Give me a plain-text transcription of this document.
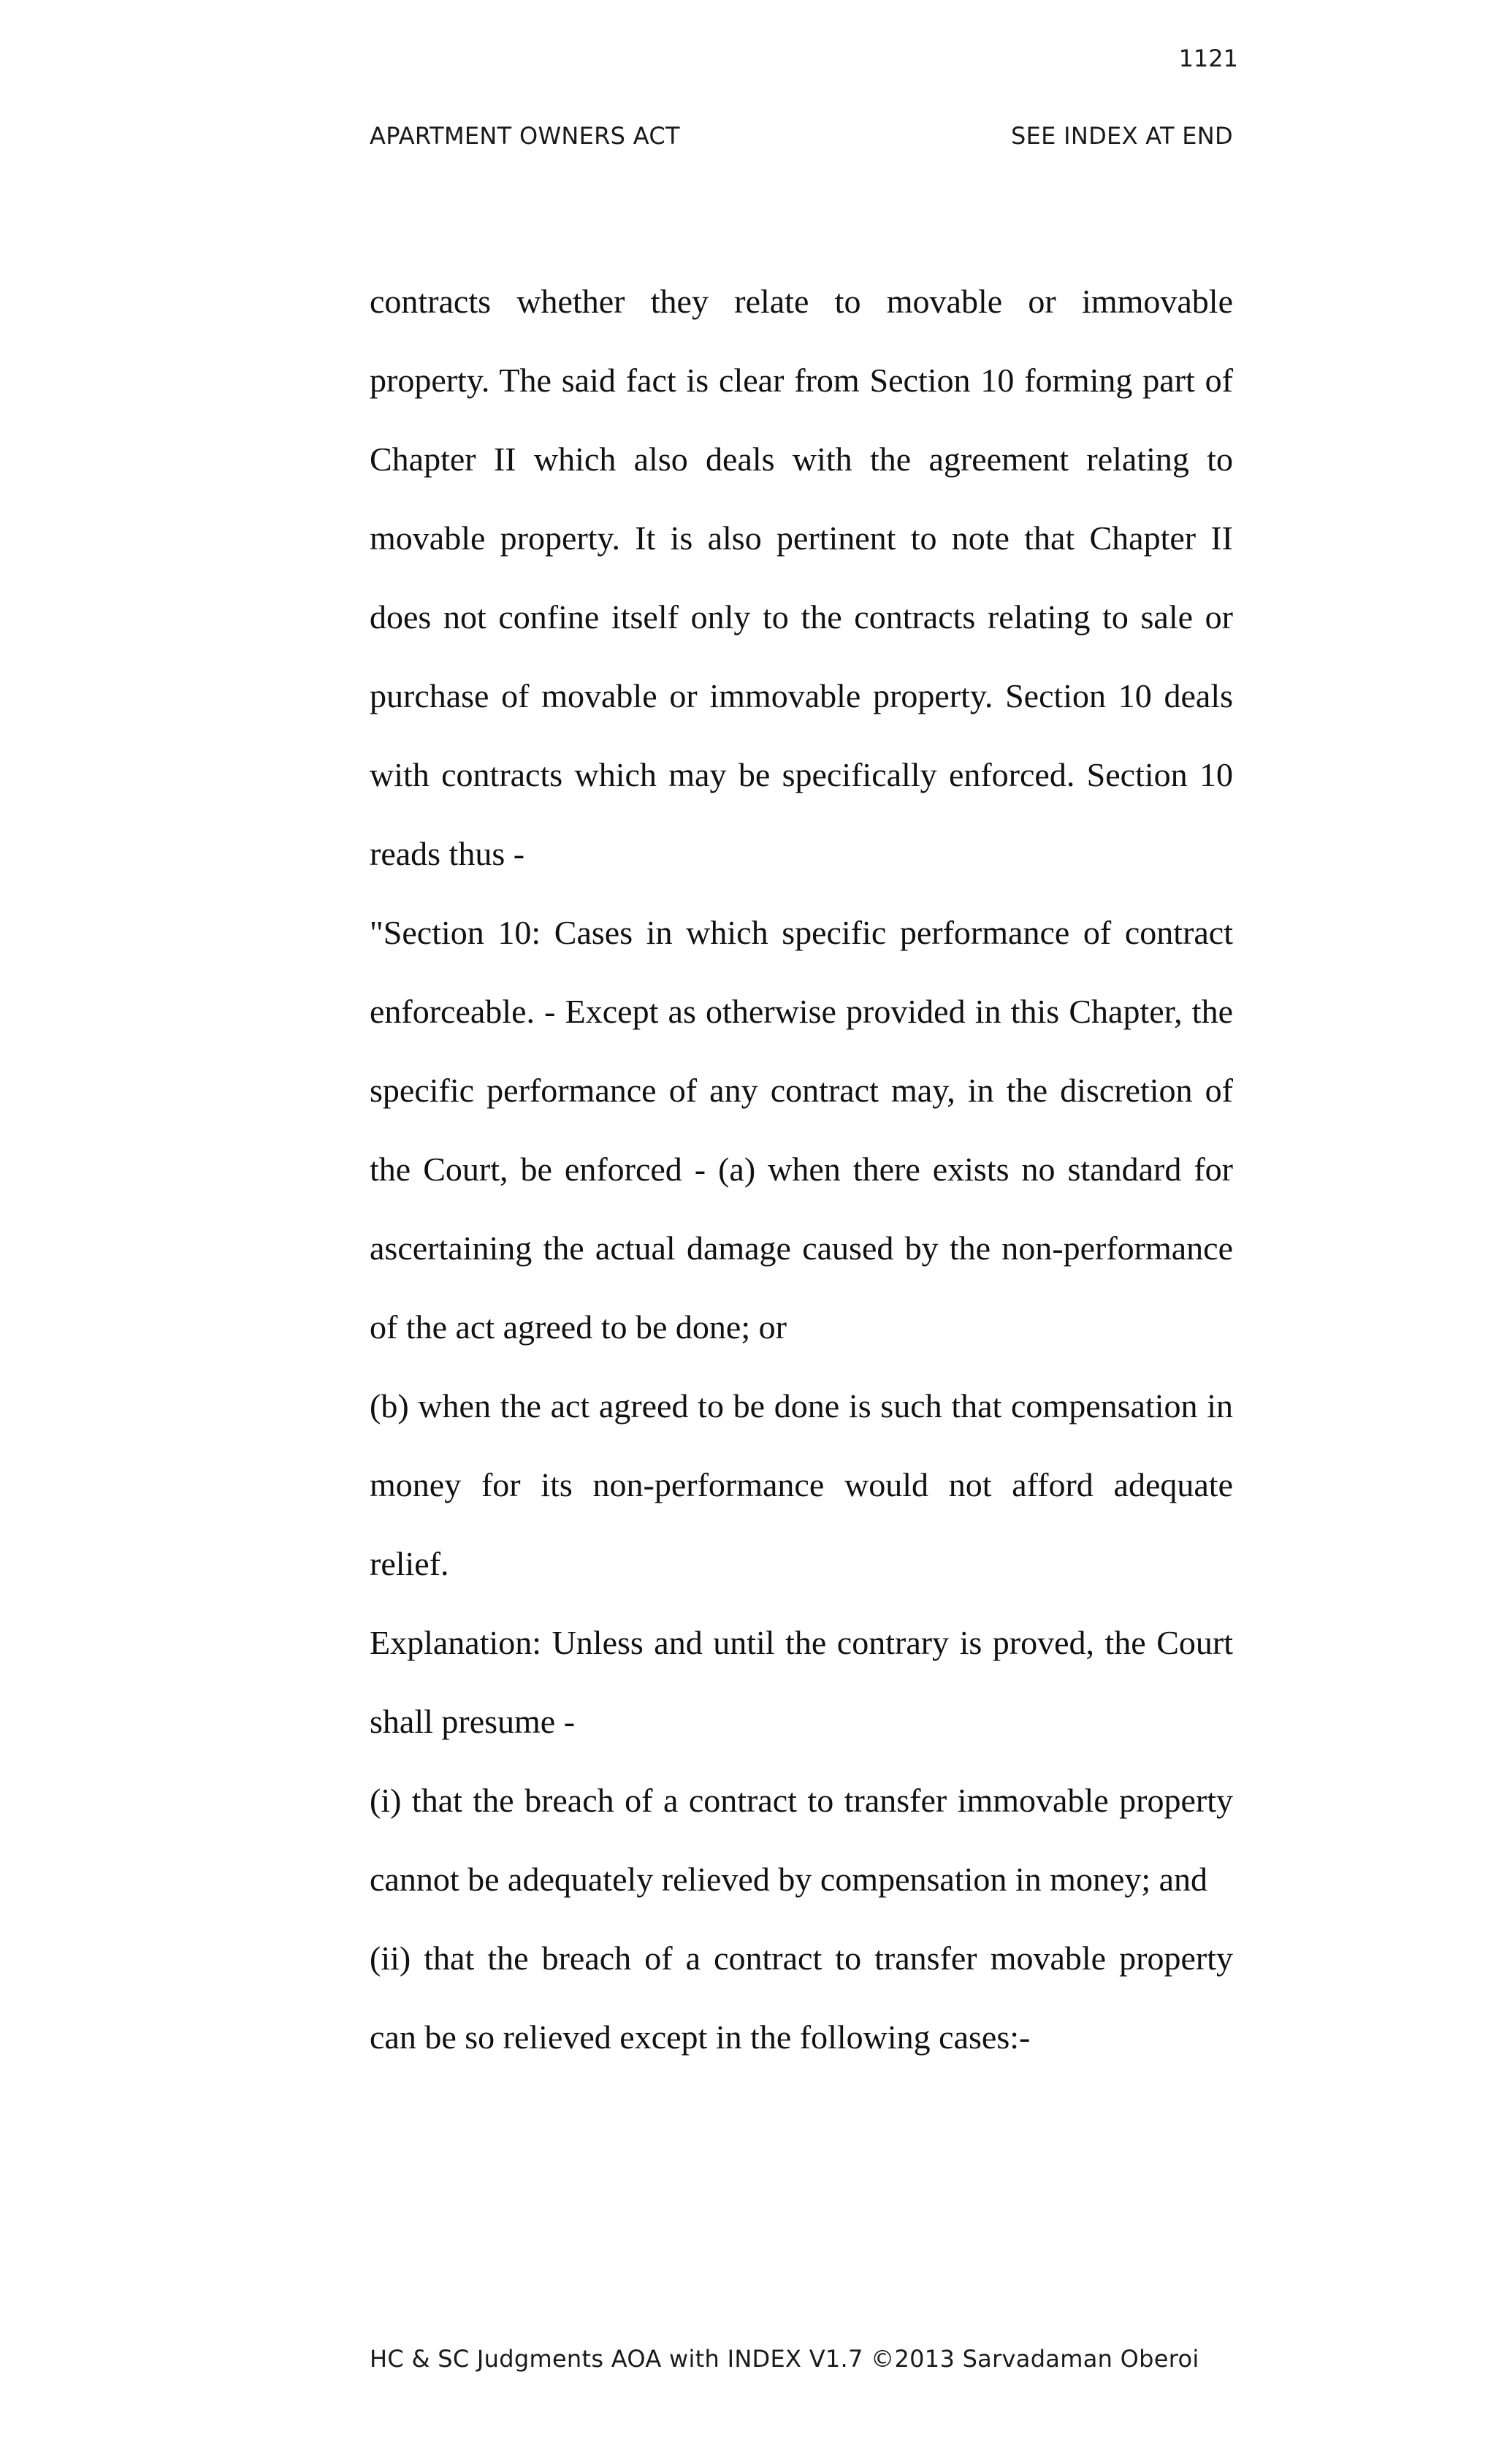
1121
APARTMENT OWNERS ACT	SEE INDEX AT END

contracts whether they relate to movable or immovable property. The said fact is clear from Section 10 forming part of Chapter II which also deals with the agreement relating to movable property. It is also pertinent to note that Chapter II does not confine itself only to the contracts relating to sale or purchase of movable or immovable property. Section 10 deals with contracts which may be specifically enforced. Section 10 reads thus -

"Section 10: Cases in which specific performance of contract enforceable. - Except as otherwise provided in this Chapter, the specific performance of any contract may, in the discretion of the Court, be enforced - (a) when there exists no standard for ascertaining the actual damage caused by the non-performance of the act agreed to be done; or

(b) when the act agreed to be done is such that compensation in money for its non-performance would not afford adequate relief.

Explanation: Unless and until the contrary is proved, the Court shall presume -

(i) that the breach of a contract to transfer immovable property cannot be adequately relieved by compensation in money; and

(ii) that the breach of a contract to transfer movable property can be so relieved except in the following cases:-

HC & SC Judgments AOA with INDEX V1.7 ©2013 Sarvadaman Oberoi
